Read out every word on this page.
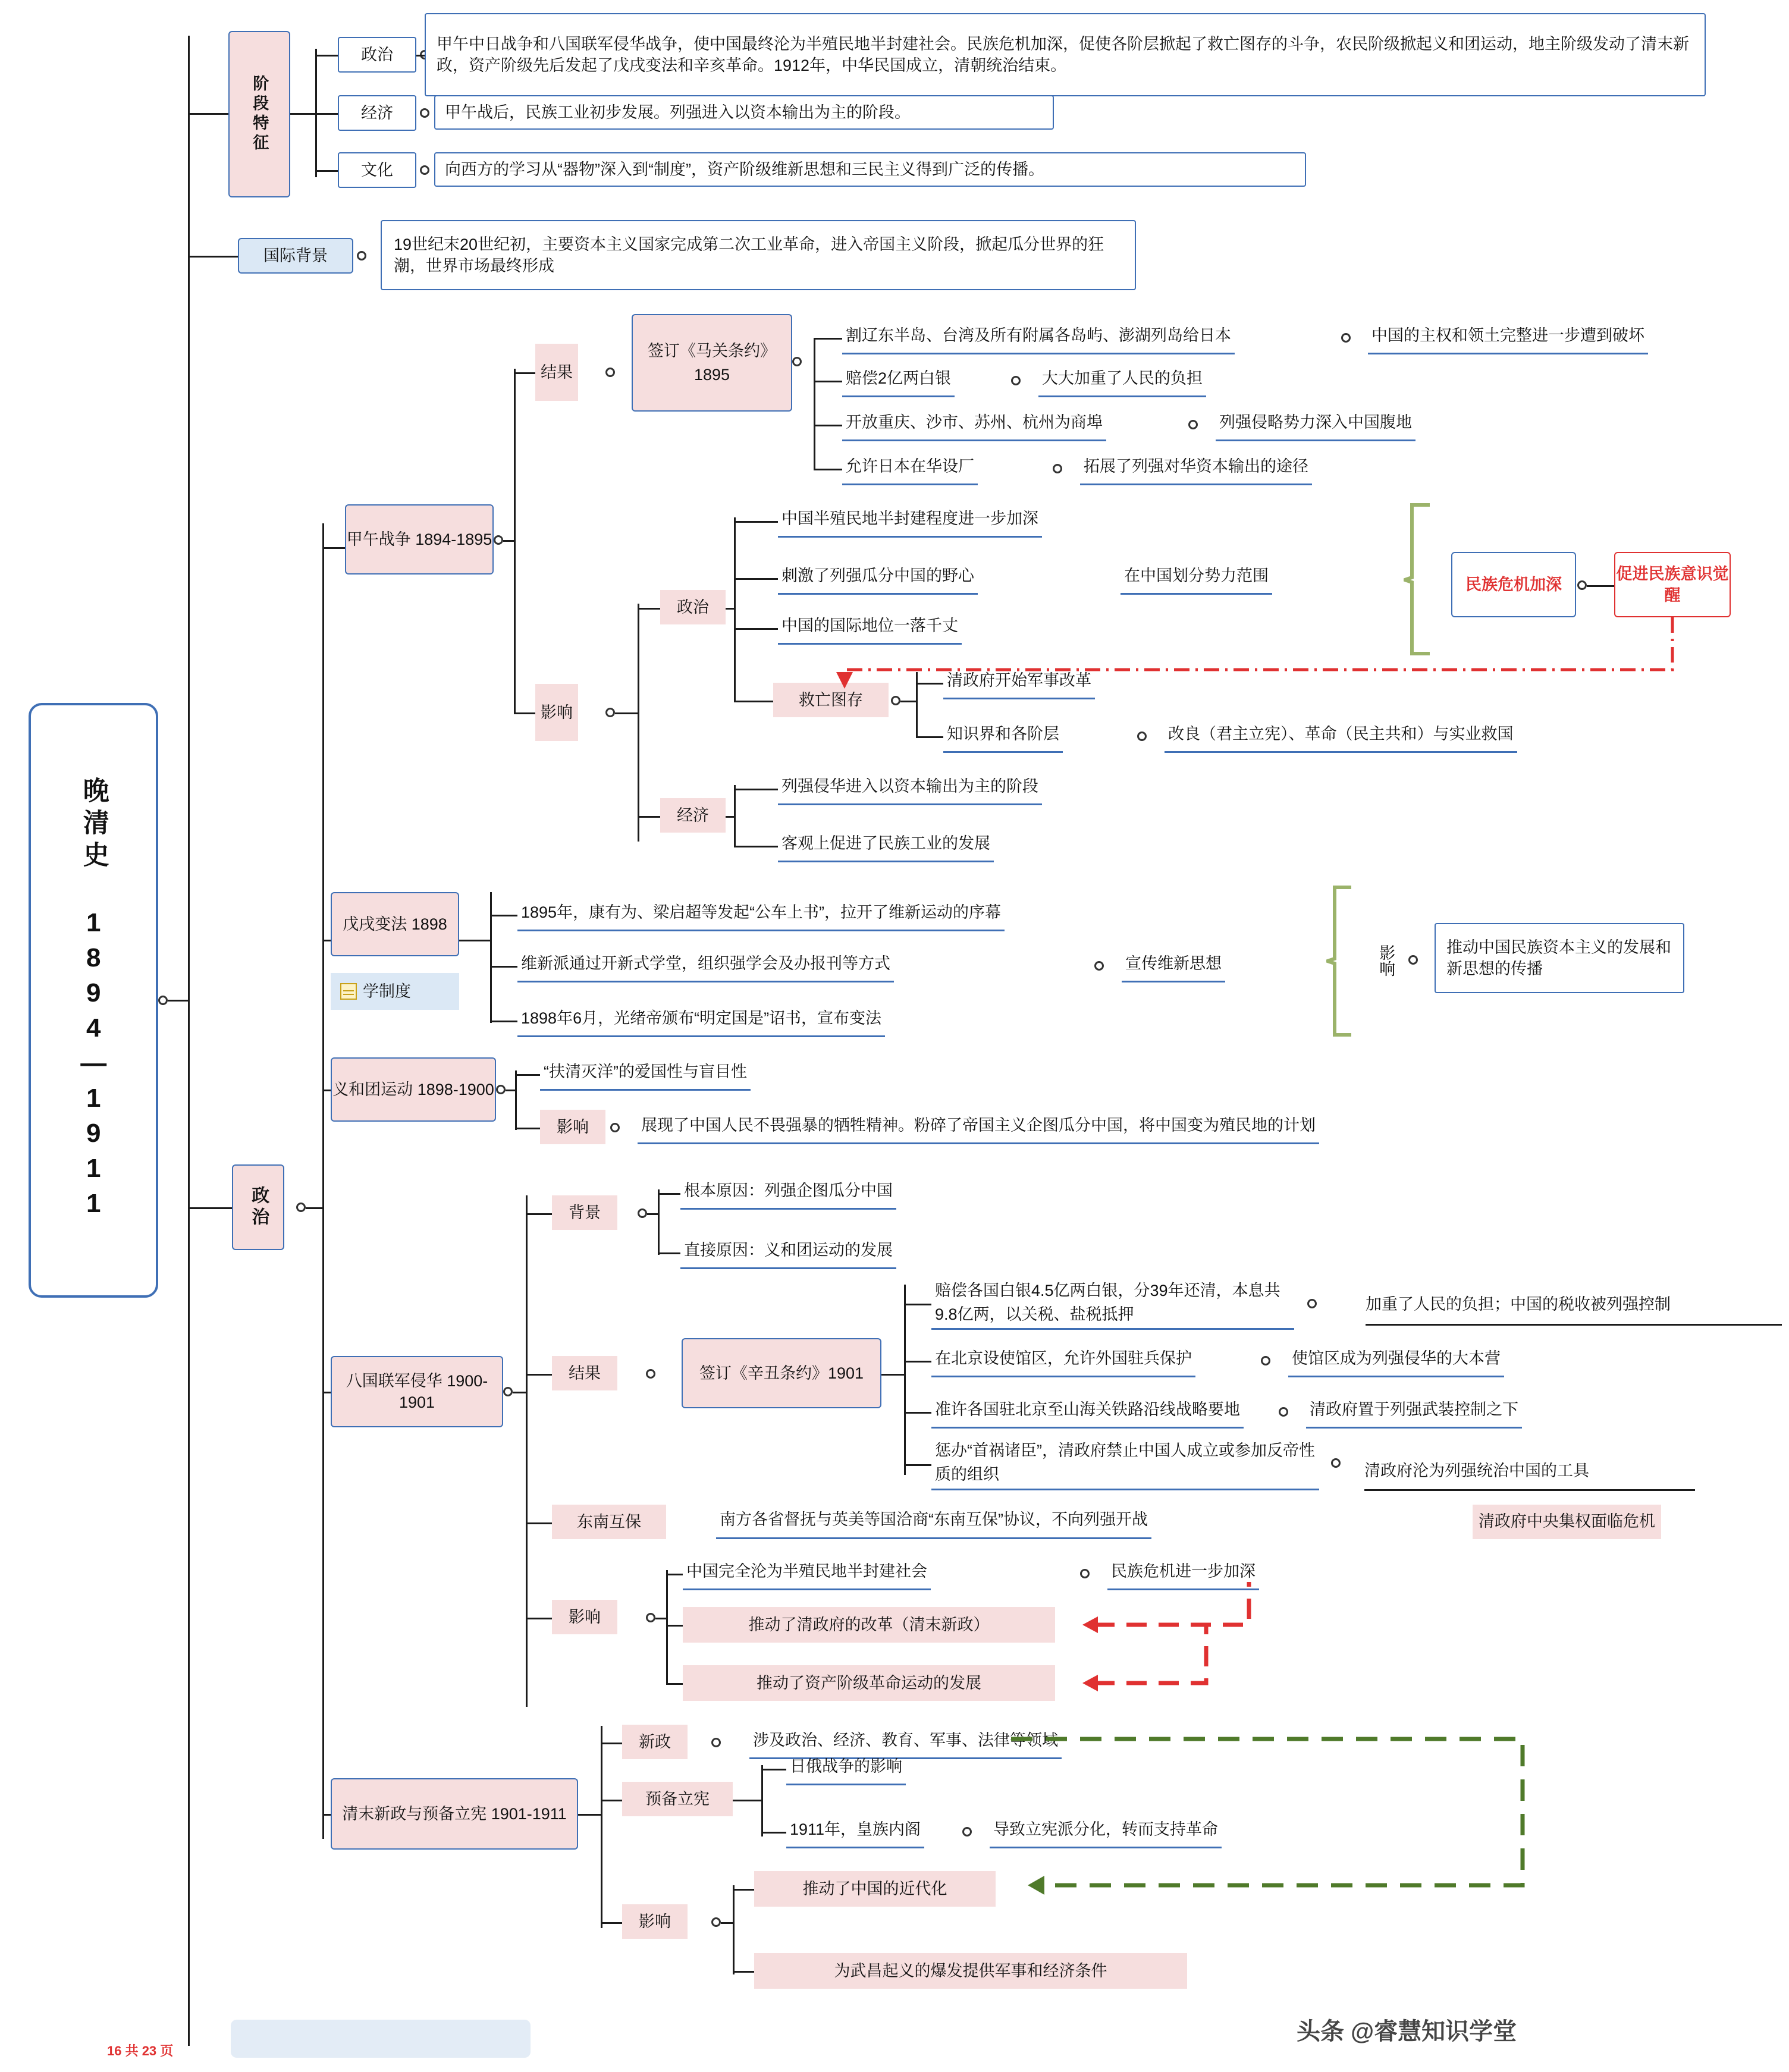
晚清史 1894—1911
阶段特征
政治
甲午中日战争和八国联军侵华战争，使中国最终沦为半殖民地半封建社会。民族危机加深，促使各阶层掀起了救亡图存的斗争，农民阶级掀起义和团运动，地主阶级发动了清末新政，资产阶级先后发起了戊戌变法和辛亥革命。1912年，中华民国成立，清朝统治结束。
经济	甲午战后，民族工业初步发展。列强进入以资本输出为主的阶段。
文化	向西方的学习从“器物”深入到“制度”，资产阶级维新思想和三民主义得到广泛的传播。
国际背景
19世纪末20世纪初，主要资本主义国家完成第二次工业革命，进入帝国主义阶段，掀起瓜分世界的狂潮，世界市场最终形成
政治
甲午战争 1894-1895
结果
签订《马关条约》1895
割辽东半岛、台湾及所有附属各岛屿、澎湖列岛给日本	中国的主权和领土完整进一步遭到破坏
赔偿2亿两白银	大大加重了人民的负担
开放重庆、沙市、苏州、杭州为商埠	列强侵略势力深入中国腹地
允许日本在华设厂	拓展了列强对华资本输出的途径
影响
政治
中国半殖民地半封建程度进一步加深
刺激了列强瓜分中国的野心	在中国划分势力范围
中国的国际地位一落千丈
救亡图存
清政府开始军事改革
知识界和各阶层	改良（君主立宪）、革命（民主共和）与实业救国
经济
列强侵华进入以资本输出为主的阶段
客观上促进了民族工业的发展
民族危机加深
促进民族意识觉醒
戊戌变法 1898
学制度
1895年，康有为、梁启超等发起“公车上书”，拉开了维新运动的序幕
维新派通过开新式学堂，组织强学会及办报刊等方式	宣传维新思想
1898年6月，光绪帝颁布“明定国是”诏书，宣布变法
影响	推动中国民族资本主义的发展和新思想的传播
义和团运动 1898-1900
“扶清灭洋”的爱国性与盲目性
影响	展现了中国人民不畏强暴的牺牲精神。粉碎了帝国主义企图瓜分中国，将中国变为殖民地的计划
八国联军侵华 1900-1901
背景
根本原因：列强企图瓜分中国
直接原因：义和团运动的发展
结果	签订《辛丑条约》1901
赔偿各国白银4.5亿两白银，分39年还清，本息共9.8亿两，以关税、盐税抵押
加重了人民的负担；中国的税收被列强控制
在北京设使馆区，允许外国驻兵保护	使馆区成为列强侵华的大本营
准许各国驻北京至山海关铁路沿线战略要地	清政府置于列强武装控制之下
惩办“首祸诸臣”，清政府禁止中国人成立或参加反帝性质的组织	清政府沦为列强统治中国的工具
东南互保	南方各省督抚与英美等国洽商“东南互保”协议，不向列强开战	清政府中央集权面临危机
影响
中国完全沦为半殖民地半封建社会	民族危机进一步加深
推动了清政府的改革（清末新政）
推动了资产阶级革命运动的发展
清末新政与预备立宪 1901-1911
新政	涉及政治、经济、教育、军事、法律等领域
预备立宪
日俄战争的影响
1911年，皇族内阁	导致立宪派分化，转而支持革命
影响
推动了中国的近代化
为武昌起义的爆发提供军事和经济条件
16 共 23 页
头条 @睿慧知识学堂
